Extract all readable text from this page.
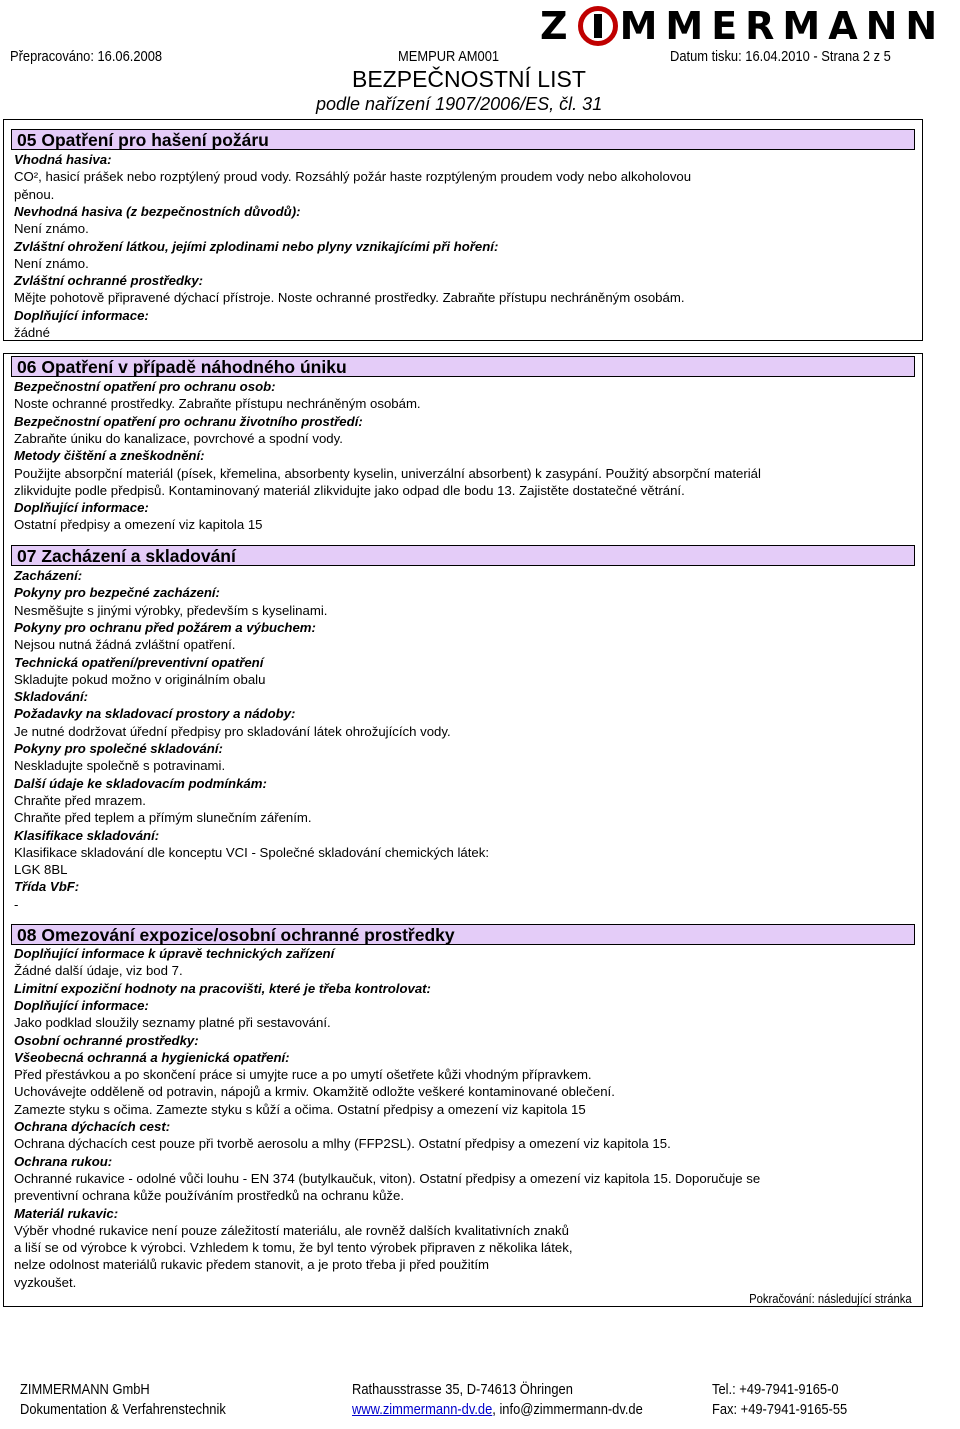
Přepracováno: 16.06.2008	MEMPUR AM001	Datum tisku: 16.04.2010 - Strana 2 z 5
Z MMERMANN
BEZPEČNOSTNÍ LIST
podle nařízení 1907/2006/ES, čl. 31
05 Opatření pro hašení požáru
Vhodná hasiva:
CO², hasicí prášek nebo rozptýlený proud vody. Rozsáhlý požár haste rozptýleným proudem vody nebo alkoholovou
pěnou.
Nevhodná hasiva (z bezpečnostních důvodů):
Není známo.
Zvláštní ohrožení látkou, jejími zplodinami nebo plyny vznikajícími při hoření:
Není známo.
Zvláštní ochranné prostředky:
Mějte pohotově připravené dýchací přístroje. Noste ochranné prostředky. Zabraňte přístupu nechráněným osobám.
Doplňující informace:
žádné
06 Opatření v případě náhodného úniku
Bezpečnostní opatření pro ochranu osob:
Noste ochranné prostředky. Zabraňte přístupu nechráněným osobám.
Bezpečnostní opatření pro ochranu životního prostředí:
Zabraňte úniku do kanalizace, povrchové a spodní vody.
Metody čištění a zneškodnění:
Použijte absorpční materiál (písek, křemelina, absorbenty kyselin, univerzální absorbent) k zasypání. Použitý absorpční materiál
zlikvidujte podle předpisů. Kontaminovaný materiál zlikvidujte jako odpad dle bodu 13. Zajistěte dostatečné větrání.
Doplňující informace:
Ostatní předpisy a omezení viz kapitola 15
07 Zacházení a skladování
Zacházení:
Pokyny pro bezpečné zacházení:
Nesměšujte s jinými výrobky, především s kyselinami.
Pokyny pro ochranu před požárem a výbuchem:
Nejsou nutná žádná zvláštní opatření.
Technická opatření/preventivní opatření
Skladujte pokud možno v originálním obalu
Skladování:
Požadavky na skladovací prostory a nádoby:
Je nutné dodržovat úřední předpisy pro skladování látek ohrožujících vody.
Pokyny pro společné skladování:
Neskladujte společně s potravinami.
Další údaje ke skladovacím podmínkám:
Chraňte před mrazem.
Chraňte před teplem a přímým slunečním zářením.
Klasifikace skladování:
Klasifikace skladování dle konceptu VCI - Společné skladování chemických látek:
LGK 8BL
Třída VbF:
-
08 Omezování expozice/osobní ochranné prostředky
Doplňující informace k úpravě technických zařízení
Žádné další údaje, viz bod 7.
Limitní expoziční hodnoty na pracovišti, které je třeba kontrolovat:
Doplňující informace:
Jako podklad sloužily seznamy platné při sestavování.
Osobní ochranné prostředky:
Všeobecná ochranná a hygienická opatření:
Před přestávkou a po skončení práce si umyjte ruce a po umytí ošetřete kůži vhodným přípravkem.
Uchovávejte odděleně od potravin, nápojů a krmiv. Okamžitě odložte veškeré kontaminované oblečení.
Zamezte styku s očima. Zamezte styku s kůží a očima. Ostatní předpisy a omezení viz kapitola 15
Ochrana dýchacích cest:
Ochrana dýchacích cest pouze při tvorbě aerosolu a mlhy (FFP2SL). Ostatní předpisy a omezení viz kapitola 15.
Ochrana rukou:
Ochranné rukavice - odolné vůči louhu - EN 374 (butylkaučuk, viton). Ostatní předpisy a omezení viz kapitola 15. Doporučuje se
preventivní ochrana kůže používáním prostředků na ochranu kůže.
Materiál rukavic:
Výběr vhodné rukavice není pouze záležitostí materiálu, ale rovněž dalších kvalitativních znaků
a liší se od výrobce k výrobci. Vzhledem k tomu, že byl tento výrobek připraven z několika látek,
nelze odolnost materiálů rukavic předem stanovit, a je proto třeba ji před použitím
vyzkoušet.
Pokračování: následující stránka
ZIMMERMANN GmbH
Dokumentation & Verfahrenstechnik
Rathausstrasse 35, D-74613 Öhringen
www.zimmermann-dv.de, info@zimmermann-dv.de
Tel.: +49-7941-9165-0
Fax: +49-7941-9165-55
